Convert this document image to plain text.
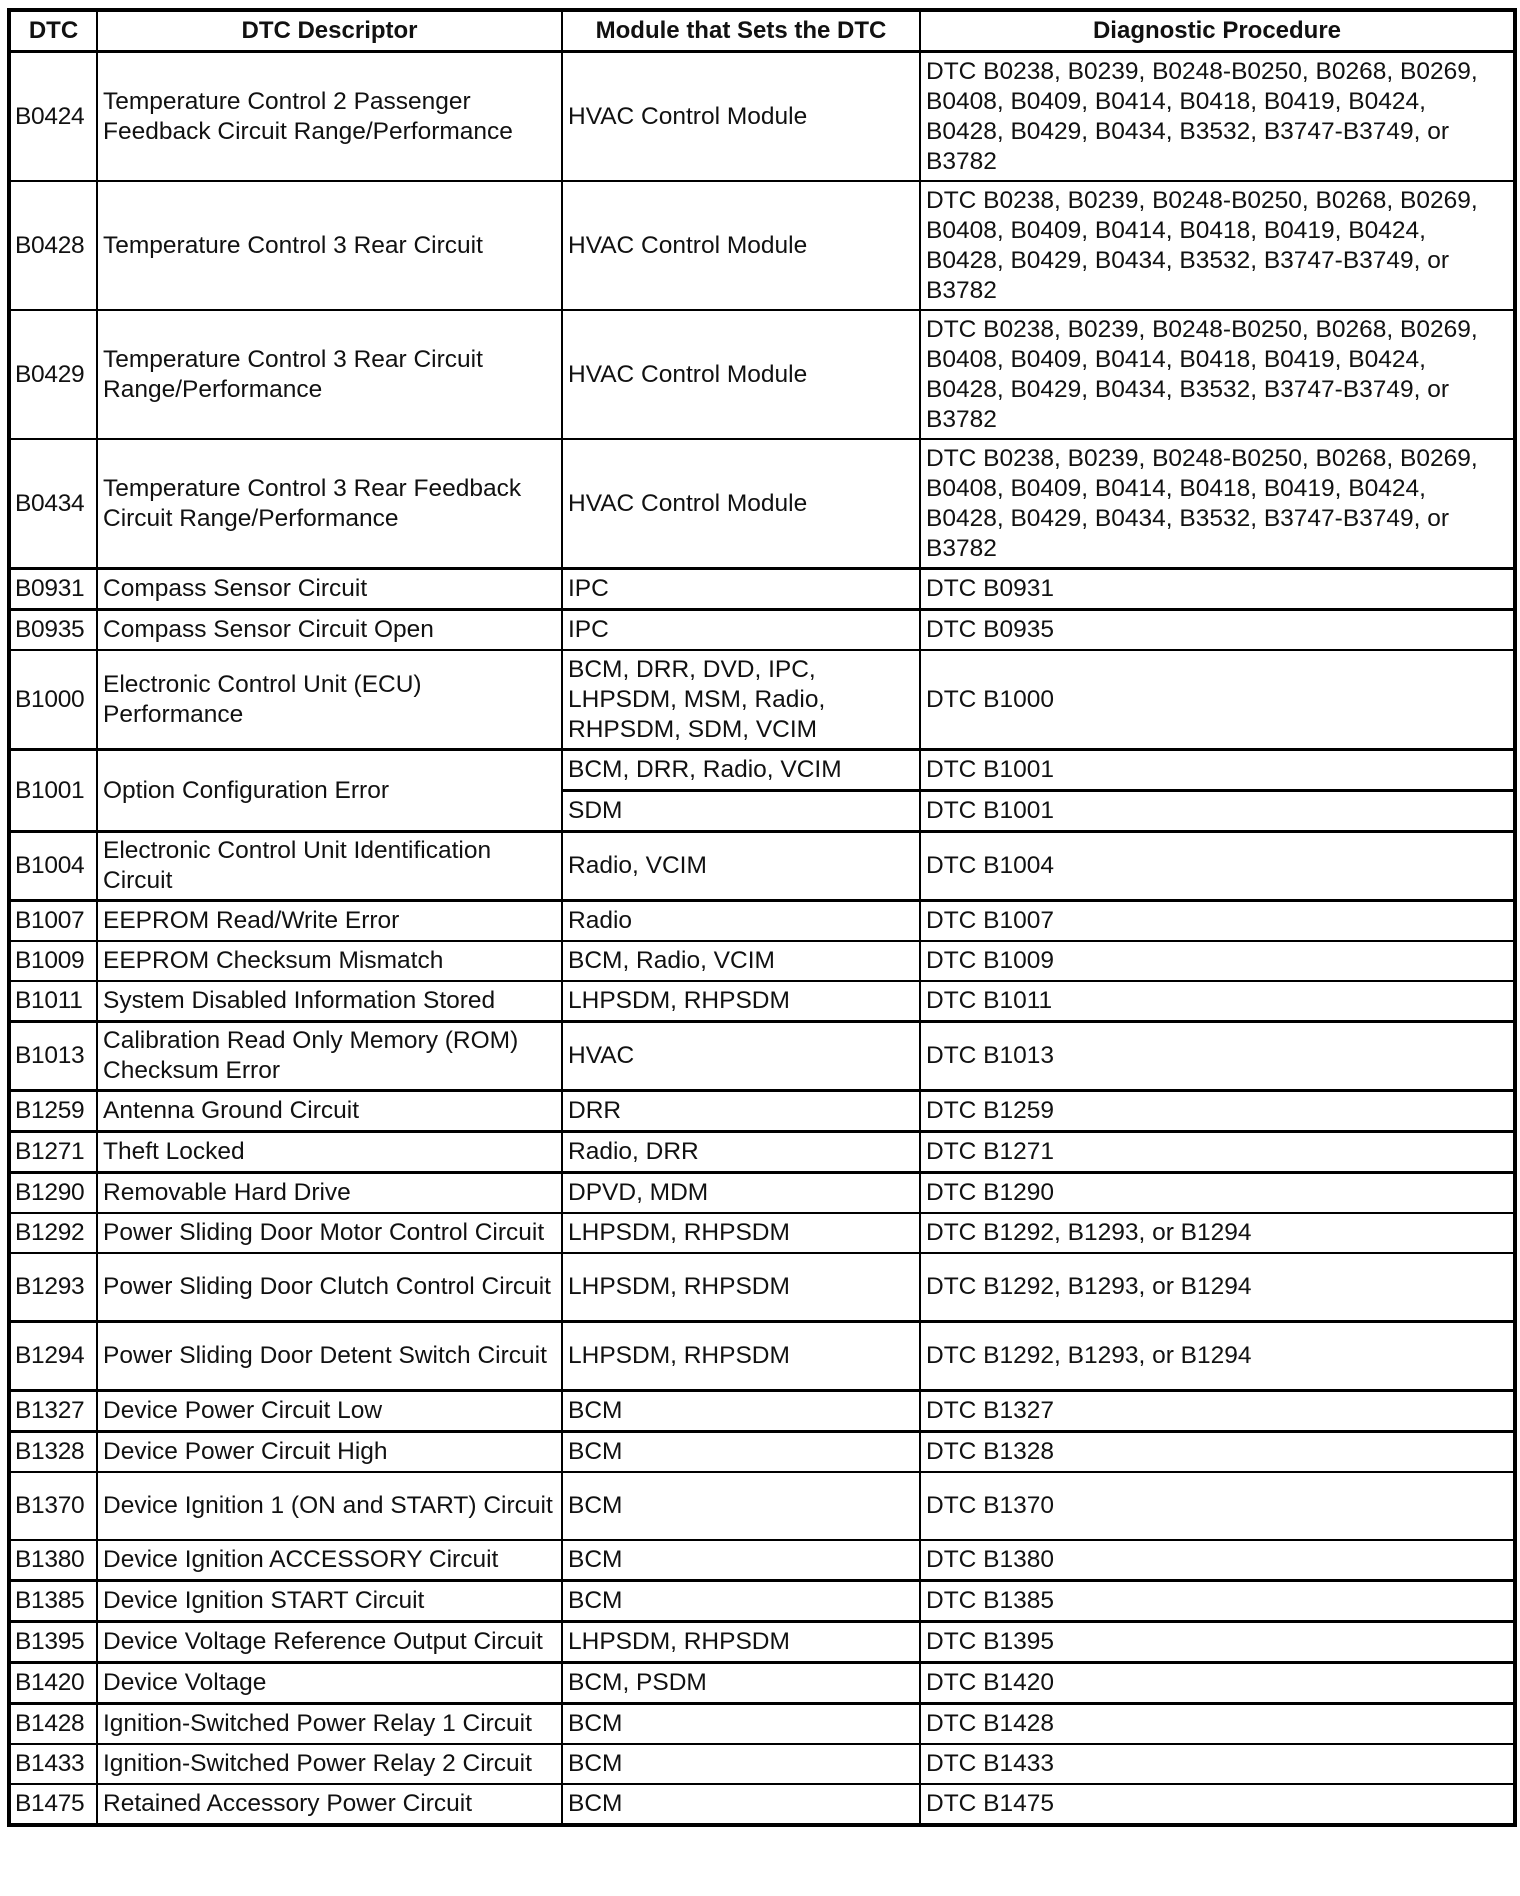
DTC	DTC Descriptor	Module that Sets the DTC	Diagnostic Procedure
B0424	Temperature Control 2 Passenger Feedback Circuit Range/Performance	HVAC Control Module	DTC B0238, B0239, B0248-B0250, B0268, B0269, B0408, B0409, B0414, B0418, B0419, B0424, B0428, B0429, B0434, B3532, B3747-B3749, or B3782
B0428	Temperature Control 3 Rear Circuit	HVAC Control Module	DTC B0238, B0239, B0248-B0250, B0268, B0269, B0408, B0409, B0414, B0418, B0419, B0424, B0428, B0429, B0434, B3532, B3747-B3749, or B3782
B0429	Temperature Control 3 Rear Circuit Range/Performance	HVAC Control Module	DTC B0238, B0239, B0248-B0250, B0268, B0269, B0408, B0409, B0414, B0418, B0419, B0424, B0428, B0429, B0434, B3532, B3747-B3749, or B3782
B0434	Temperature Control 3 Rear Feedback Circuit Range/Performance	HVAC Control Module	DTC B0238, B0239, B0248-B0250, B0268, B0269, B0408, B0409, B0414, B0418, B0419, B0424, B0428, B0429, B0434, B3532, B3747-B3749, or B3782
B0931	Compass Sensor Circuit	IPC	DTC B0931
B0935	Compass Sensor Circuit Open	IPC	DTC B0935
B1000	Electronic Control Unit (ECU) Performance	BCM, DRR, DVD, IPC, LHPSDM, MSM, Radio, RHPSDM, SDM, VCIM	DTC B1000
B1001	Option Configuration Error	BCM, DRR, Radio, VCIM	DTC B1001
		SDM	DTC B1001
B1004	Electronic Control Unit Identification Circuit	Radio, VCIM	DTC B1004
B1007	EEPROM Read/Write Error	Radio	DTC B1007
B1009	EEPROM Checksum Mismatch	BCM, Radio, VCIM	DTC B1009
B1011	System Disabled Information Stored	LHPSDM, RHPSDM	DTC B1011
B1013	Calibration Read Only Memory (ROM) Checksum Error	HVAC	DTC B1013
B1259	Antenna Ground Circuit	DRR	DTC B1259
B1271	Theft Locked	Radio, DRR	DTC B1271
B1290	Removable Hard Drive	DPVD, MDM	DTC B1290
B1292	Power Sliding Door Motor Control Circuit	LHPSDM, RHPSDM	DTC B1292, B1293, or B1294
B1293	Power Sliding Door Clutch Control Circuit	LHPSDM, RHPSDM	DTC B1292, B1293, or B1294
B1294	Power Sliding Door Detent Switch Circuit	LHPSDM, RHPSDM	DTC B1292, B1293, or B1294
B1327	Device Power Circuit Low	BCM	DTC B1327
B1328	Device Power Circuit High	BCM	DTC B1328
B1370	Device Ignition 1 (ON and START) Circuit	BCM	DTC B1370
B1380	Device Ignition ACCESSORY Circuit	BCM	DTC B1380
B1385	Device Ignition START Circuit	BCM	DTC B1385
B1395	Device Voltage Reference Output Circuit	LHPSDM, RHPSDM	DTC B1395
B1420	Device Voltage	BCM, PSDM	DTC B1420
B1428	Ignition-Switched Power Relay 1 Circuit	BCM	DTC B1428
B1433	Ignition-Switched Power Relay 2 Circuit	BCM	DTC B1433
B1475	Retained Accessory Power Circuit	BCM	DTC B1475
